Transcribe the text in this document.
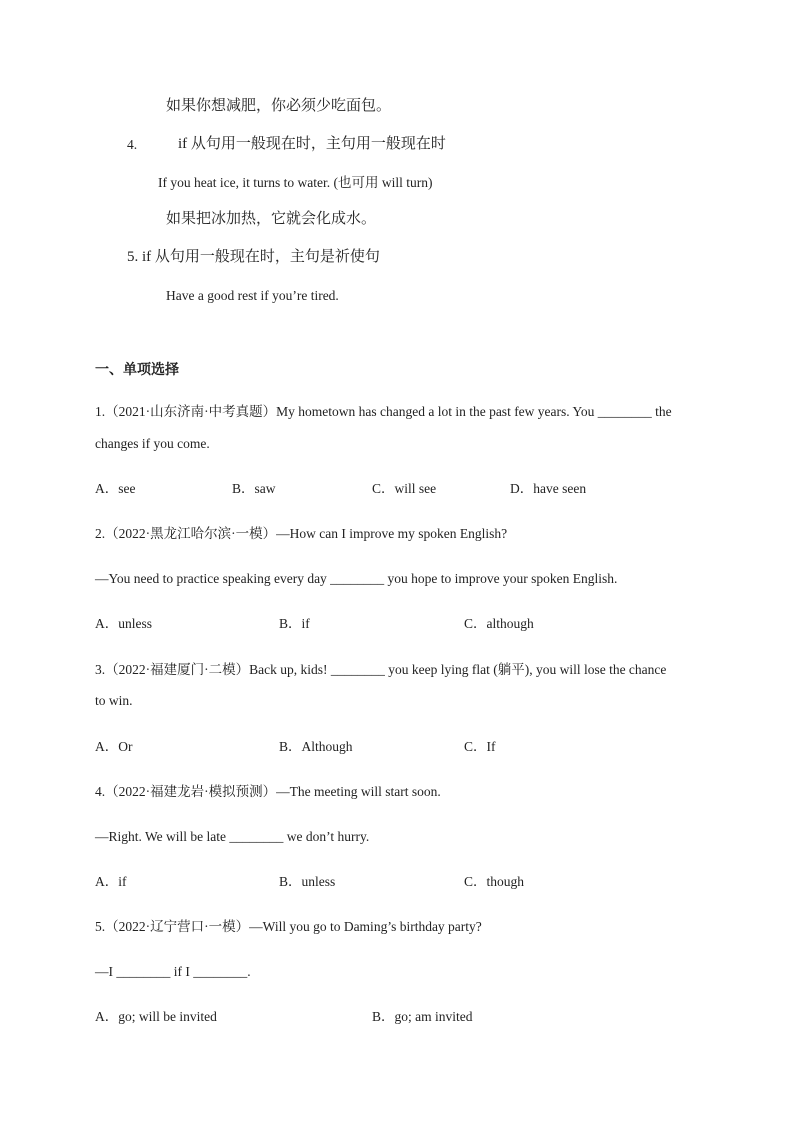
如果你想减肥，你必须少吃面包。
4.	if 从句用一般现在时，主句用一般现在时
If you heat ice, it turns to water. (也可用 will turn)
如果把冰加热，它就会化成水。
5. if 从句用一般现在时，主句是祈使句
Have a good rest if you’re tired.
一、单项选择
1.（2021·山东济南·中考真题）My hometown has changed a lot in the past few years. You ________ the
changes if you come.
A．see	B．saw	C．will see	D．have seen
2.（2022·黑龙江哈尔滨·一模）—How can I improve my spoken English?
—You need to practice speaking every day ________ you hope to improve your spoken English.
A．unless	B．if	C．although
3.（2022·福建厦门·二模）Back up, kids! ________ you keep lying flat (躺平), you will lose the chance
to win.
A．Or	B．Although	C．If
4.（2022·福建龙岩·模拟预测）—The meeting will start soon.
—Right. We will be late ________ we don’t hurry.
A．if	B．unless	C．though
5.（2022·辽宁营口·一模）—Will you go to Daming’s birthday party?
—I ________ if I ________.
A．go; will be invited	B．go; am invited
